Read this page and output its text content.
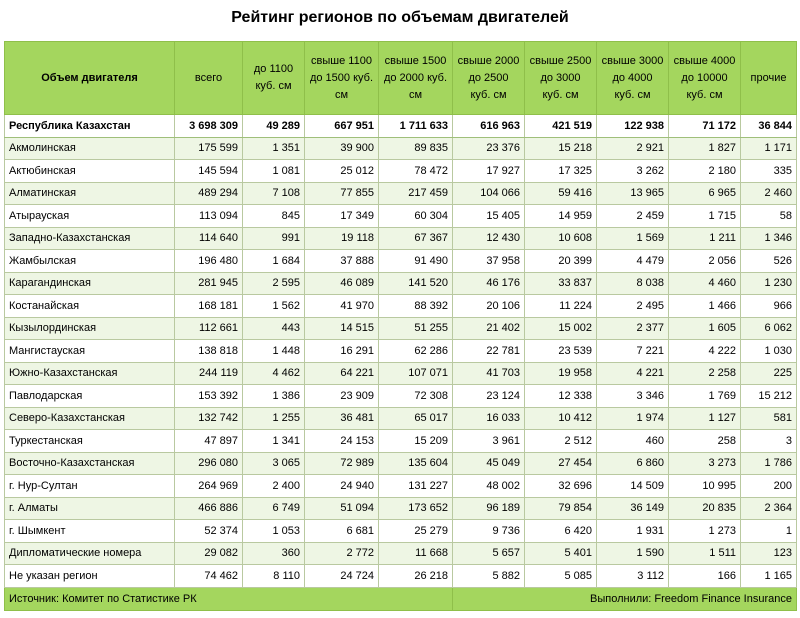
Рейтинг регионов по объемам двигателей
Объем двигателя	всего	до 1100 куб. см	свыше 1100 до 1500 куб. см	свыше 1500 до 2000 куб. см	свыше 2000 до 2500 куб. см	свыше 2500 до 3000 куб. см	свыше 3000 до 4000 куб. см	свыше 4000 до 10000 куб. см	прочие
Республика Казахстан	3 698 309	49 289	667 951	1 711 633	616 963	421 519	122 938	71 172	36 844
Акмолинская	175 599	1 351	39 900	89 835	23 376	15 218	2 921	1 827	1 171
Актюбинская	145 594	1 081	25 012	78 472	17 927	17 325	3 262	2 180	335
Алматинская	489 294	7 108	77 855	217 459	104 066	59 416	13 965	6 965	2 460
Атырауская	113 094	845	17 349	60 304	15 405	14 959	2 459	1 715	58
Западно-Казахстанская	114 640	991	19 118	67 367	12 430	10 608	1 569	1 211	1 346
Жамбылская	196 480	1 684	37 888	91 490	37 958	20 399	4 479	2 056	526
Карагандинская	281 945	2 595	46 089	141 520	46 176	33 837	8 038	4 460	1 230
Костанайская	168 181	1 562	41 970	88 392	20 106	11 224	2 495	1 466	966
Кызылординская	112 661	443	14 515	51 255	21 402	15 002	2 377	1 605	6 062
Мангистауская	138 818	1 448	16 291	62 286	22 781	23 539	7 221	4 222	1 030
Южно-Казахстанская	244 119	4 462	64 221	107 071	41 703	19 958	4 221	2 258	225
Павлодарская	153 392	1 386	23 909	72 308	23 124	12 338	3 346	1 769	15 212
Северо-Казахстанская	132 742	1 255	36 481	65 017	16 033	10 412	1 974	1 127	581
Туркестанская	47 897	1 341	24 153	15 209	3 961	2 512	460	258	3
Восточно-Казахстанская	296 080	3 065	72 989	135 604	45 049	27 454	6 860	3 273	1 786
г. Нур-Султан	264 969	2 400	24 940	131 227	48 002	32 696	14 509	10 995	200
г. Алматы	466 886	6 749	51 094	173 652	96 189	79 854	36 149	20 835	2 364
г. Шымкент	52 374	1 053	6 681	25 279	9 736	6 420	1 931	1 273	1
Дипломатические номера	29 082	360	2 772	11 668	5 657	5 401	1 590	1 511	123
Не указан регион	74 462	8 110	24 724	26 218	5 882	5 085	3 112	166	1 165
Источник: Комитет по Статистике РК					Выполнили: Freedom Finance Insurance				
